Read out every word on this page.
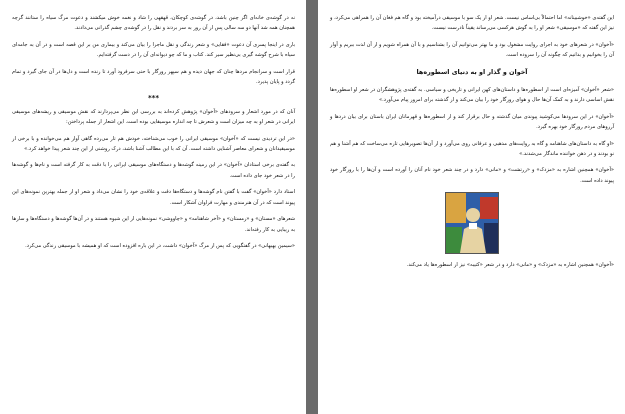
نه در گوشه‌ی خانه‌ای اگر چنین باشد، در گوشه‌ی کوچکان، قهقهی را شاد و نغمه خوش میکشند و دعوت مرگ سیاه را ستانند گرچه همچنان همه شد آنها دو سه سالی پس از آن روز به سر بردند و نقل را در گوشه‌ی چشم گذرانی می‌دادند.

باری در اینجا پسری آن دعوت «فقایی» و شعر زندگی و نقل ماجرا را بیان می‌کند و بیماری من بر این قصه است و در آن به جامه‌ای سیاه با شرح گوشه گیری بی‌نظیر سیر کند. کتاب و ما که چو دیوانه‌ای آن را در دست گرفته‌ایم.

قرار است و سرانجام مردها چنان که جهان دیده و هم سپهر روزگار با حتی سرفرود آورد تا زنده است و دل‌ها در آن جای گیرد و تمام گردد و پایان پذیرد.

***

آنان که در مورد اشعار و سرودهای «آخوان» پژوهش کرده‌اند به بررسی این نظر می‌پردازند که نقش موسیقی و ریشه‌های موسیقی ایرانی در شعر او به چه میزان است و شعرش تا چه اندازه موسیقایی بوده است. این اشعار از جمله پرداختن:

«در این تردیدی نیست که «آخوان» موسیقی ایرانی را خوب می‌شناخته، خودش هم تار می‌زده گاهی آواز هم می‌خوانده و با برخی از موسیقیدانان و شعرای معاصر آشنایی داشته است. آن که با این مطالب آشنا باشد، درک روشنی از این چند شعر پیدا خواهد کرد.»

به گفته‌ی برخی استادان «آخوان» در این زمینه گوشه‌ها و دستگاه‌های موسیقی ایرانی را با دقت به کار گرفته است و نام‌ها و گوشه‌ها را در شعر خود جای داده است.

استاد دارد «آخوان» گفت با گفتن نام گوشه‌ها و دستگاه‌ها دقت و علاقه‌ی خود را نشان می‌داد و شعر او از جمله بهترین نمونه‌های این پیوند است که در آن هنرمندی و مهارت فراوان آشکار است.

شعرهای «مستان» و «زمستان» و «آخر شاهنامه» و «چاووشی» نمونه‌هایی از این شیوه هستند و در آن‌ها گوشه‌ها و دستگاه‌ها و سازها به زیبایی به کار رفته‌اند.

«سیمین بهبهانی» در گفتگویی که پس از مرگ «آخوان» داشت، در این باره افزوده است که او همیشه با موسیقی زندگی می‌کرد.

این گفته‌ی «خوشبینانه» اما احتمالاً بی‌اساس نیست. شعر او از یک سو با موسیقی درآمیخته بود و گاه هم فغان آن را همراهی می‌کرد، و نیز این گفته که «موسیقی» شعر او را به گوش هرکسی می‌رساند یقیناً نادرست نیست.

«آخوان» در شعرهای خود به اجرای روایت مشغول بود و ما بهتر می‌توانیم آن را بشناسیم و با آن همراه شویم و از آن لذت ببریم و آواز آن را بخوانیم و بدانیم که چگونه آن را سروده است.

آخوان و گذار او به دنیای اسطوره‌ها

«شعر «آخوان» آمیزه‌ای است از اسطوره‌ها و داستان‌های کهن ایرانی و تاریخی و سیاسی. به گفته‌ی پژوهشگران در شعر او اسطوره‌ها نقش اساسی دارند و به کمک آن‌ها حال و هوای روزگار خود را بیان می‌کند و از گذشته برای امروز پیام می‌آورد.»

«آخوان» در این سرودها می‌کوشید پیوندی میان گذشته و حال برقرار کند و از اسطوره‌ها و قهرمانان ایران باستان برای بیان دردها و آرزوهای مردم روزگار خود بهره گیرد.

«او گاه به داستان‌های شاهنامه و گاه به روایت‌های مذهبی و عرفانی روی می‌آورد و از آن‌ها تصویرهایی تازه می‌ساخت که هم آشنا و هم نو بودند و در ذهن خواننده ماندگار می‌شدند.»

«آخوان» همچنین اشاره به «مزدک» و «زرتشت» و «مانی» دارد و در چند شعر خود نام آنان را آورده است و آن‌ها را با روزگار خود پیوند داده است.

«آخوان» همچنین اشاره به «مزدک» و «مانی» دارد و در شعر «کتیبه» نیز از اسطوره‌ها یاد می‌کند.
